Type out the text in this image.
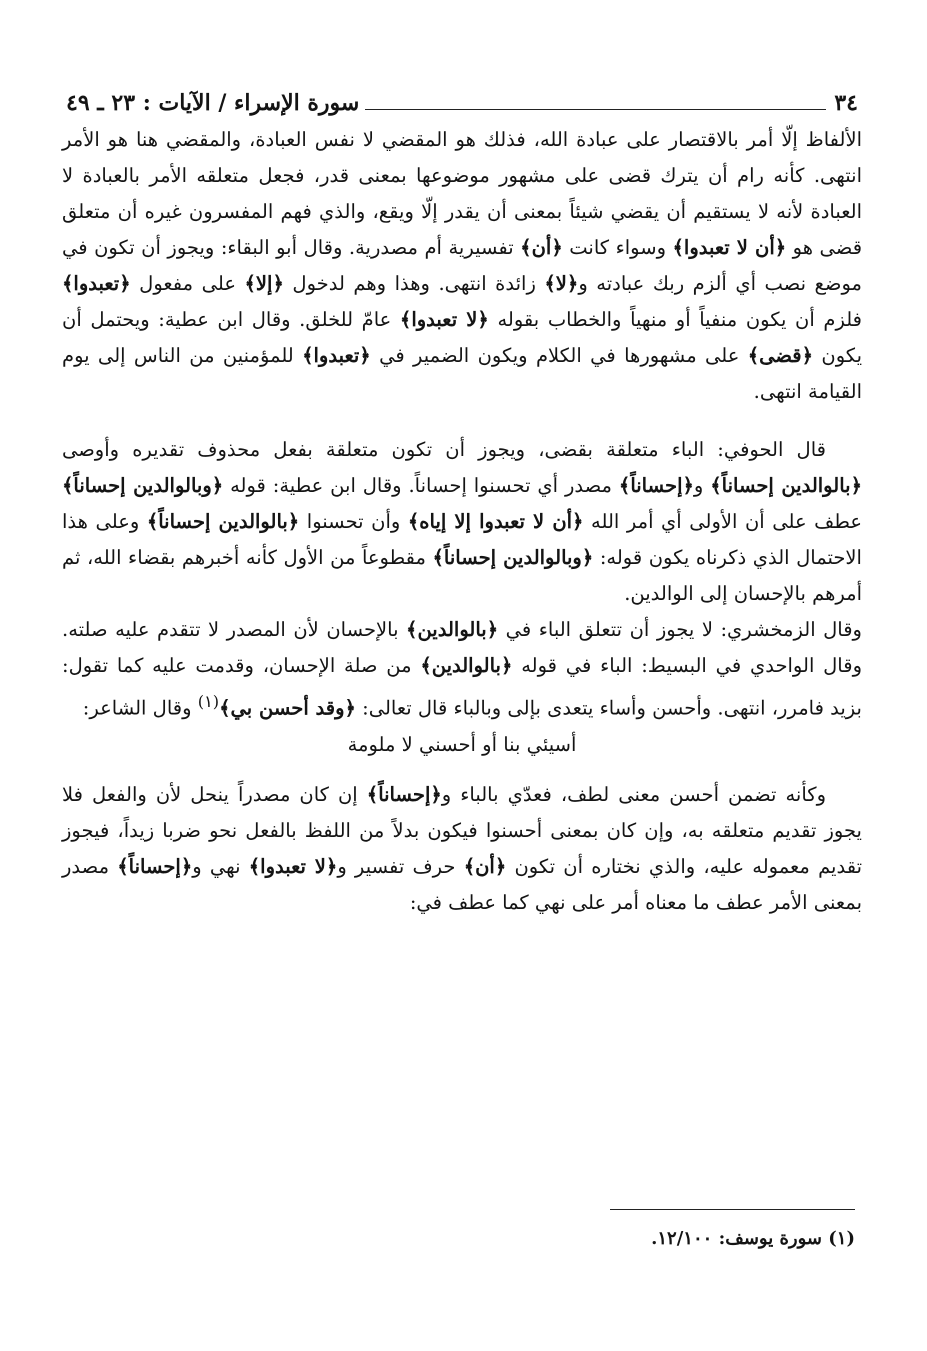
٣٤
سورة الإسراء / الآيات : ٢٣ ـ ٤٩

الألفاظ إلّا أمر بالاقتصار على عبادة الله، فذلك هو المقضي لا نفس العبادة، والمقضي هنا هو الأمر انتهى. كأنه رام أن يترك قضى على مشهور موضوعها بمعنى قدر، فجعل متعلقه الأمر بالعبادة لا العبادة لأنه لا يستقيم أن يقضي شيئاً بمعنى أن يقدر إلّا ويقع، والذي فهم المفسرون غيره أن متعلق قضى هو ﴿أن لا تعبدوا﴾ وسواء كانت ﴿أن﴾ تفسيرية أم مصدرية. وقال أبو البقاء: ويجوز أن تكون في موضع نصب أي ألزم ربك عبادته و﴿لا﴾ زائدة انتهى. وهذا وهم لدخول ﴿إلا﴾ على مفعول ﴿تعبدوا﴾ فلزم أن يكون منفياً أو منهياً والخطاب بقوله ﴿لا تعبدوا﴾ عامّ للخلق. وقال ابن عطية: ويحتمل أن يكون ﴿قضى﴾ على مشهورها في الكلام ويكون الضمير في ﴿تعبدوا﴾ للمؤمنين من الناس إلى يوم القيامة انتهى.

قال الحوفي: الباء متعلقة بقضى، ويجوز أن تكون متعلقة بفعل محذوف تقديره وأوصى ﴿بالوالدين إحساناً﴾ و﴿إحساناً﴾ مصدر أي تحسنوا إحساناً. وقال ابن عطية: قوله ﴿وبالوالدين إحساناً﴾ عطف على أن الأولى أي أمر الله ﴿أن لا تعبدوا إلا إياه﴾ وأن تحسنوا ﴿بالوالدين إحساناً﴾ وعلى هذا الاحتمال الذي ذكرناه يكون قوله: ﴿وبالوالدين إحساناً﴾ مقطوعاً من الأول كأنه أخبرهم بقضاء الله، ثم أمرهم بالإحسان إلى الوالدين.

وقال الزمخشري: لا يجوز أن تتعلق الباء في ﴿بالوالدين﴾ بالإحسان لأن المصدر لا تتقدم عليه صلته. وقال الواحدي في البسيط: الباء في قوله ﴿بالوالدين﴾ من صلة الإحسان، وقدمت عليه كما تقول: بزيد فامرر، انتهى. وأحسن وأساء يتعدى بإلى وبالباء قال تعالى: ﴿وقد أحسن بي﴾$^{(١)}$ وقال الشاعر:

أسيئي بنا أو أحسني لا ملومة

وكأنه تضمن أحسن معنى لطف، فعدّي بالباء و﴿إحساناً﴾ إن كان مصدراً ينحل لأن والفعل فلا يجوز تقديم متعلقه به، وإن كان بمعنى أحسنوا فيكون بدلاً من اللفظ بالفعل نحو ضربا زيداً، فيجوز تقديم معموله عليه، والذي نختاره أن تكون ﴿أن﴾ حرف تفسير و﴿لا تعبدوا﴾ نهي و﴿إحساناً﴾ مصدر بمعنى الأمر عطف ما معناه أمر على نهي كما عطف في:

(١) سورة يوسف: ١٢/١٠٠.
